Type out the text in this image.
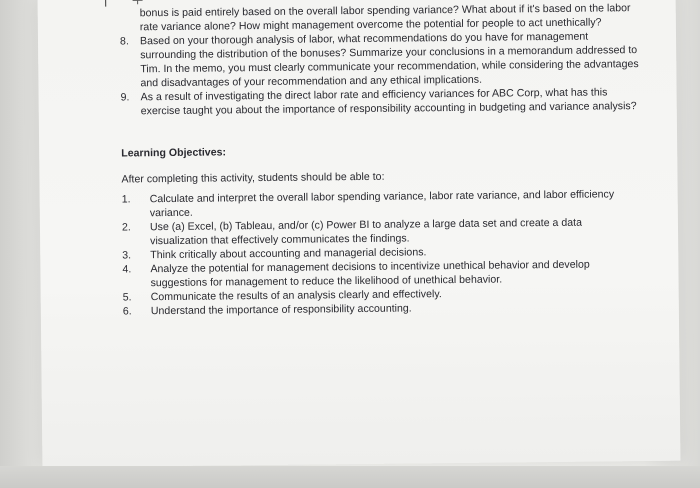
bonus is paid entirely based on the overall labor spending variance? What about if it's based on the labor rate variance alone? How might management overcome the potential for people to act unethically?
8.	Based on your thorough analysis of labor, what recommendations do you have for management surrounding the distribution of the bonuses? Summarize your conclusions in a memorandum addressed to Tim. In the memo, you must clearly communicate your recommendation, while considering the advantages and disadvantages of your recommendation and any ethical implications.
9.	As a result of investigating the direct labor rate and efficiency variances for ABC Corp, what has this exercise taught you about the importance of responsibility accounting in budgeting and variance analysis?
Learning Objectives:
After completing this activity, students should be able to:
1.	Calculate and interpret the overall labor spending variance, labor rate variance, and labor efficiency variance.
2.	Use (a) Excel, (b) Tableau, and/or (c) Power BI to analyze a large data set and create a data visualization that effectively communicates the findings.
3.	Think critically about accounting and managerial decisions.
4.	Analyze the potential for management decisions to incentivize unethical behavior and develop suggestions for management to reduce the likelihood of unethical behavior.
5.	Communicate the results of an analysis clearly and effectively.
6.	Understand the importance of responsibility accounting.
